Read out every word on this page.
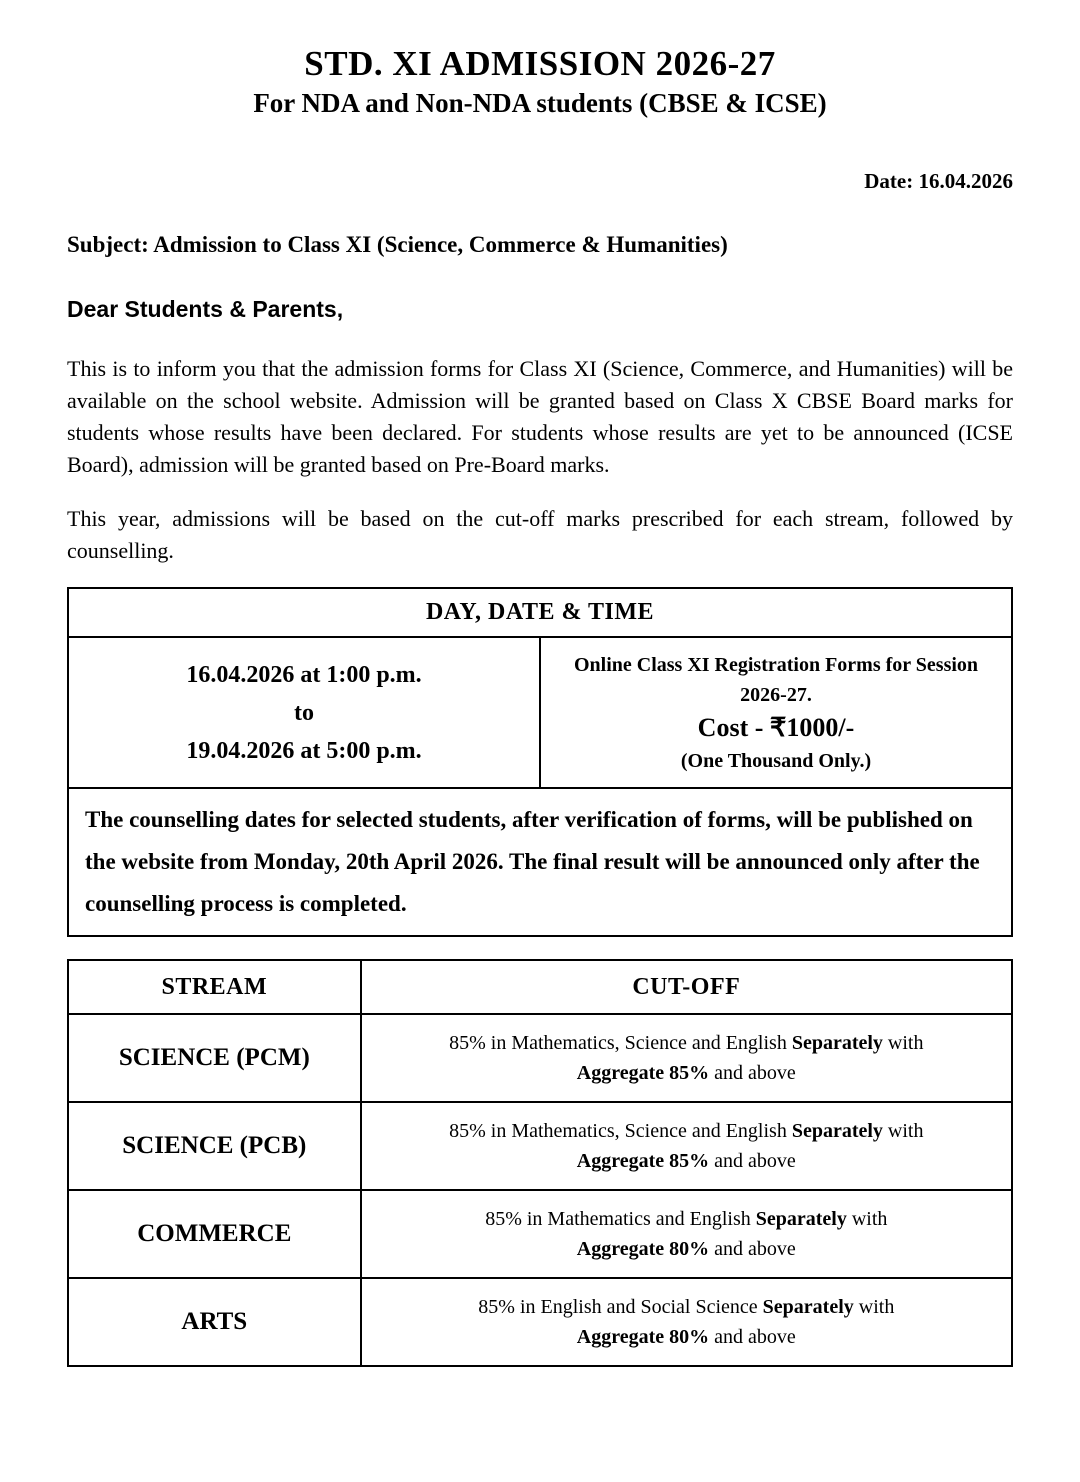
STD. XI ADMISSION 2026-27
For NDA and Non-NDA students (CBSE & ICSE)
Date: 16.04.2026
Subject: Admission to Class XI (Science, Commerce & Humanities)
Dear Students & Parents,

This is to inform you that the admission forms for Class XI (Science, Commerce, and Humanities) will be available on the school website. Admission will be granted based on Class X CBSE Board marks for students whose results have been declared. For students whose results are yet to be announced (ICSE Board), admission will be granted based on Pre-Board marks.

This year, admissions will be based on the cut-off marks prescribed for each stream, followed by counselling.

DAY, DATE & TIME

16.04.2026 at 1:00 p.m.
to
19.04.2026 at 5:00 p.m.

Online Class XI Registration Forms for Session 2026-27.
Cost - ₹1000/-
(One Thousand Only.)

The counselling dates for selected students, after verification of forms, will be published on the website from Monday, 20th April 2026. The final result will be announced only after the counselling process is completed.
STREAM	CUT-OFF
SCIENCE (PCM)	85% in Mathematics, Science and English Separately with
Aggregate 85% and above
SCIENCE (PCB)	85% in Mathematics, Science and English Separately with
Aggregate 85% and above
COMMERCE	85% in Mathematics and English Separately with
Aggregate 80% and above
ARTS	85% in English and Social Science Separately with
Aggregate 80% and above
